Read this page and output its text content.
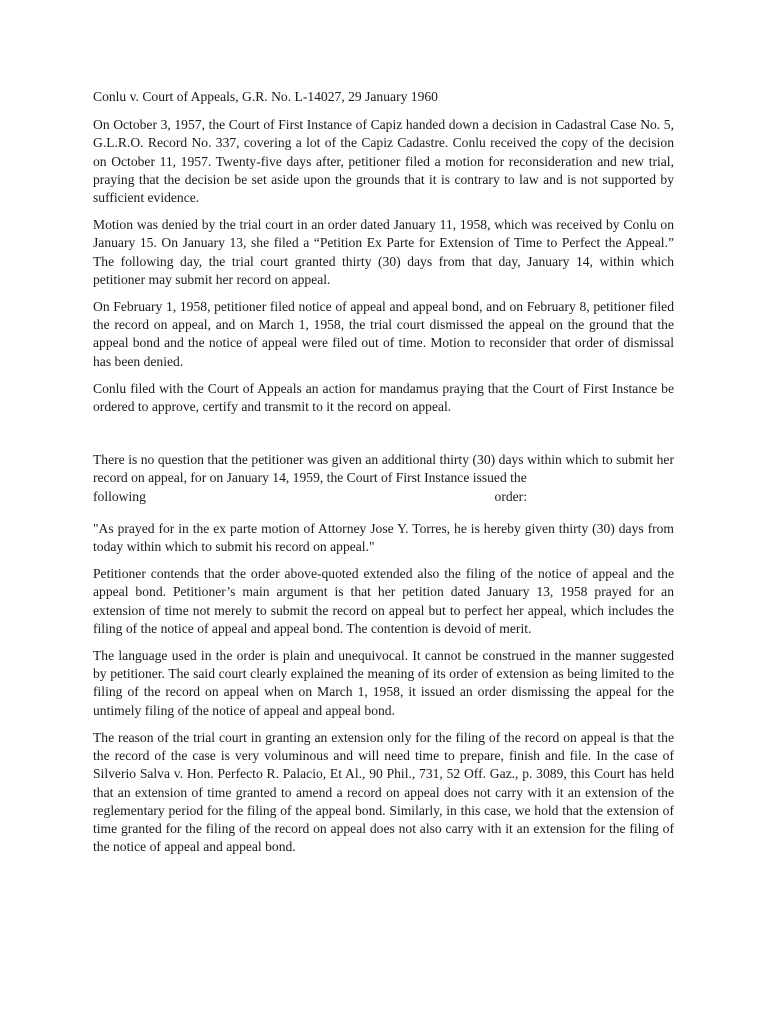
Conlu v. Court of Appeals, G.R. No. L-14027, 29 January 1960

On October 3, 1957, the Court of First Instance of Capiz handed down a decision in Cadastral Case No. 5, G.L.R.O. Record No. 337, covering a lot of the Capiz Cadastre. Conlu received the copy of the decision on October 11, 1957. Twenty-five days after, petitioner filed a motion for reconsideration and new trial, praying that the decision be set aside upon the grounds that it is contrary to law and is not supported by sufficient evidence.

Motion was denied by the trial court in an order dated January 11, 1958, which was received by Conlu on January 15. On January 13, she filed a “Petition Ex Parte for Extension of Time to Perfect the Appeal.” The following day, the trial court granted thirty (30) days from that day, January 14, within which petitioner may submit her record on appeal.

On February 1, 1958, petitioner filed notice of appeal and appeal bond, and on February 8, petitioner filed the record on appeal, and on March 1, 1958, the trial court dismissed the appeal on the ground that the appeal bond and the notice of appeal were filed out of time. Motion to reconsider that order of dismissal has been denied.

Conlu filed with the Court of Appeals an action for mandamus praying that the Court of First Instance be ordered to approve, certify and transmit to it the record on appeal.

There is no question that the petitioner was given an additional thirty (30) days within which to submit her record on appeal, for on January 14, 1959, the Court of First Instance issued the

following	order:

"As prayed for in the ex parte motion of Attorney Jose Y. Torres, he is hereby given thirty (30) days from today within which to submit his record on appeal."

Petitioner contends that the order above-quoted extended also the filing of the notice of appeal and the appeal bond. Petitioner’s main argument is that her petition dated January 13, 1958 prayed for an extension of time not merely to submit the record on appeal but to perfect her appeal, which includes the filing of the notice of appeal and appeal bond. The contention is devoid of merit.

The language used in the order is plain and unequivocal. It cannot be construed in the manner suggested by petitioner. The said court clearly explained the meaning of its order of extension as being limited to the filing of the record on appeal when on March 1, 1958, it issued an order dismissing the appeal for the untimely filing of the notice of appeal and appeal bond.

The reason of the trial court in granting an extension only for the filing of the record on appeal is that the the record of the case is very voluminous and will need time to prepare, finish and file. In the case of Silverio Salva v. Hon. Perfecto R. Palacio, Et Al., 90 Phil., 731, 52 Off. Gaz., p. 3089, this Court has held that an extension of time granted to amend a record on appeal does not carry with it an extension of the reglementary period for the filing of the appeal bond. Similarly, in this case, we hold that the extension of time granted for the filing of the record on appeal does not also carry with it an extension for the filing of the notice of appeal and appeal bond.
